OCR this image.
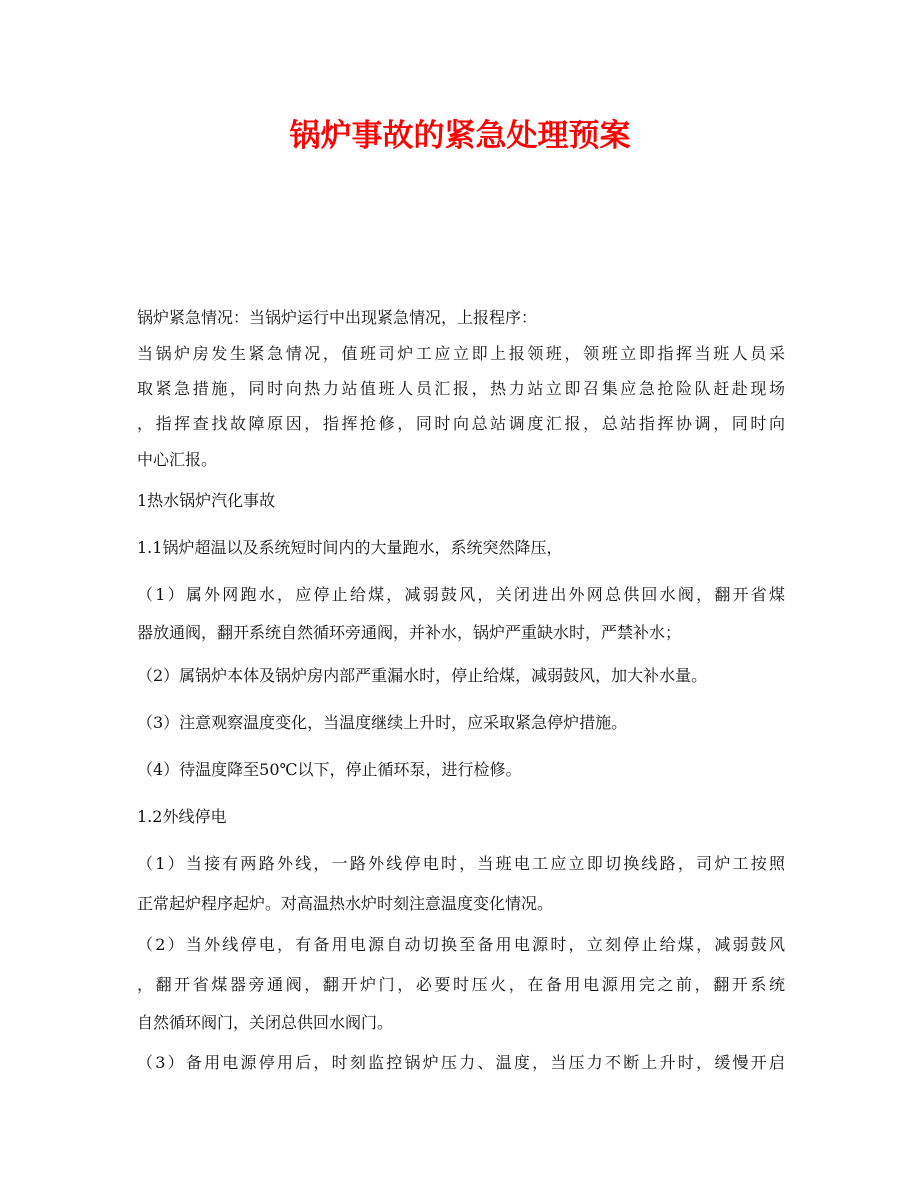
锅炉事故的紧急处理预案
锅炉紧急情况：当锅炉运行中出现紧急情况，上报程序：
当锅炉房发生紧急情况，值班司炉工应立即上报领班，领班立即指挥当班人员采
取紧急措施，同时向热力站值班人员汇报，热力站立即召集应急抢险队赶赴现场
，指挥查找故障原因，指挥抢修，同时向总站调度汇报，总站指挥协调，同时向
中心汇报。
1热水锅炉汽化事故
1.1锅炉超温以及系统短时间内的大量跑水，系统突然降压，
（1）属外网跑水，应停止给煤，减弱鼓风，关闭进出外网总供回水阀，翻开省煤
器放通阀，翻开系统自然循环旁通阀，并补水，锅炉严重缺水时，严禁补水；
（2）属锅炉本体及锅炉房内部严重漏水时，停止给煤，减弱鼓风，加大补水量。
（3）注意观察温度变化，当温度继续上升时，应采取紧急停炉措施。
（4）待温度降至50℃以下，停止循环泵，进行检修。
1.2外线停电
（1）当接有两路外线，一路外线停电时，当班电工应立即切换线路，司炉工按照
正常起炉程序起炉。对高温热水炉时刻注意温度变化情况。
（2）当外线停电，有备用电源自动切换至备用电源时，立刻停止给煤，减弱鼓风
，翻开省煤器旁通阀，翻开炉门，必要时压火，在备用电源用完之前，翻开系统
自然循环阀门，关闭总供回水阀门。
（3）备用电源停用后，时刻监控锅炉压力、温度，当压力不断上升时，缓慢开启
